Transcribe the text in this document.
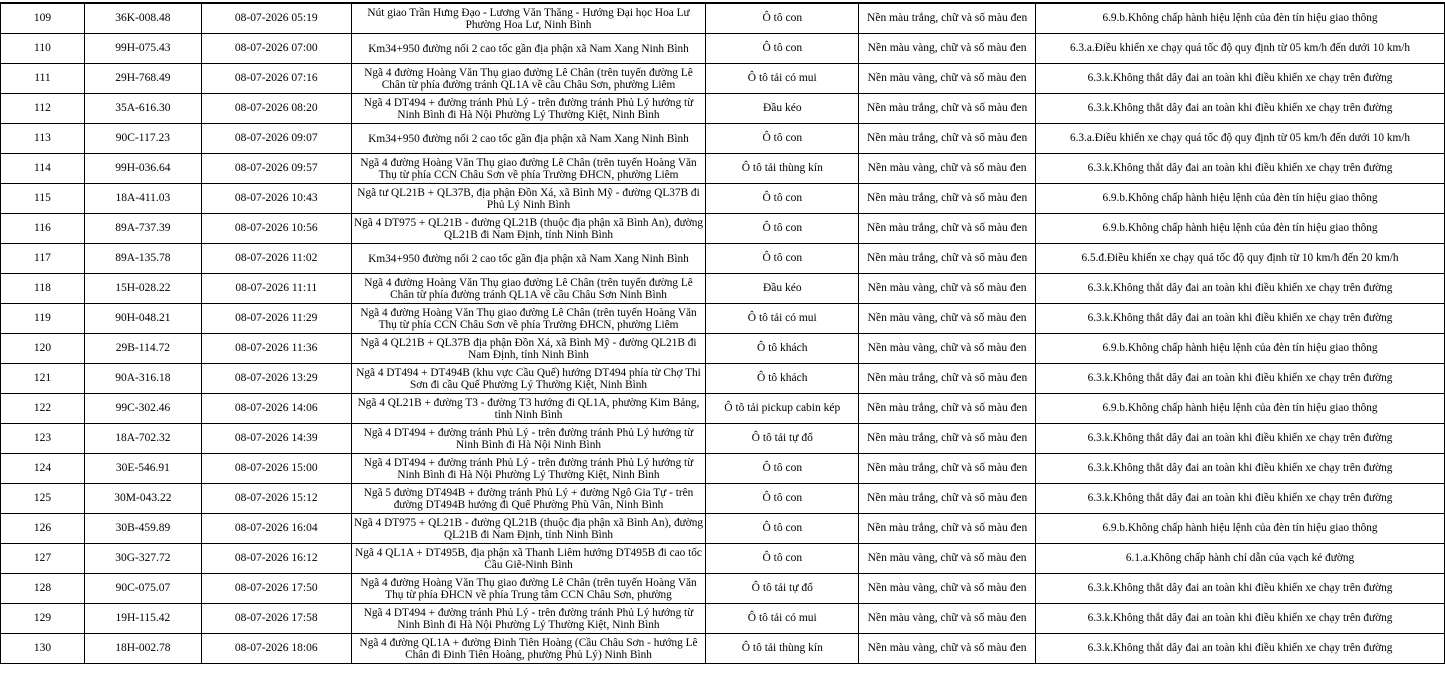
109	36K-008.48	08-07-2026 05:19	Nút giao Trần Hưng Đạo - Lương Văn Thăng - Hướng Đại học Hoa Lư Phường Hoa Lư, Ninh Bình	Ô tô con	Nền màu trắng, chữ và số màu đen	6.9.b.Không chấp hành hiệu lệnh của đèn tín hiệu giao thông
110	99H-075.43	08-07-2026 07:00	Km34+950 đường nối 2 cao tốc gần địa phận xã Nam Xang Ninh Bình	Ô tô con	Nền màu vàng, chữ và số màu đen	6.3.a.Điều khiển xe chạy quá tốc độ quy định từ 05 km/h đến dưới 10 km/h
111	29H-768.49	08-07-2026 07:16	Ngã 4 đường Hoàng Văn Thụ giao đường Lê Chân (trên tuyến đường Lê Chân từ phía đường tránh QL1A về cầu Châu Sơn, phường Liêm	Ô tô tải có mui	Nền màu vàng, chữ và số màu đen	6.3.k.Không thắt dây đai an toàn khi điều khiển xe chạy trên đường
112	35A-616.30	08-07-2026 08:20	Ngã 4 DT494 + đường tránh Phủ Lý - trên đường tránh Phủ Lý hướng từ Ninh Bình đi Hà Nội Phường Lý Thường Kiệt, Ninh Bình	Đầu kéo	Nền màu trắng, chữ và số màu đen	6.3.k.Không thắt dây đai an toàn khi điều khiển xe chạy trên đường
113	90C-117.23	08-07-2026 09:07	Km34+950 đường nối 2 cao tốc gần địa phận xã Nam Xang Ninh Bình	Ô tô con	Nền màu trắng, chữ và số màu đen	6.3.a.Điều khiển xe chạy quá tốc độ quy định từ 05 km/h đến dưới 10 km/h
114	99H-036.64	08-07-2026 09:57	Ngã 4 đường Hoàng Văn Thụ giao đường Lê Chân (trên tuyến Hoàng Văn Thụ từ phía CCN Châu Sơn về phía Trường ĐHCN, phường Liêm	Ô tô tải thùng kín	Nền màu vàng, chữ và số màu đen	6.3.k.Không thắt dây đai an toàn khi điều khiển xe chạy trên đường
115	18A-411.03	08-07-2026 10:43	Ngã tư QL21B + QL37B, địa phận Đồn Xá, xã Bình Mỹ - đường QL37B đi Phủ Lý Ninh Bình	Ô tô con	Nền màu trắng, chữ và số màu đen	6.9.b.Không chấp hành hiệu lệnh của đèn tín hiệu giao thông
116	89A-737.39	08-07-2026 10:56	Ngã 4 DT975 + QL21B - đường QL21B (thuộc địa phận xã Bình An), đường QL21B đi Nam Định, tỉnh Ninh Bình	Ô tô con	Nền màu trắng, chữ và số màu đen	6.9.b.Không chấp hành hiệu lệnh của đèn tín hiệu giao thông
117	89A-135.78	08-07-2026 11:02	Km34+950 đường nối 2 cao tốc gần địa phận xã Nam Xang Ninh Bình	Ô tô con	Nền màu trắng, chữ và số màu đen	6.5.đ.Điều khiển xe chạy quá tốc độ quy định từ 10 km/h đến 20 km/h
118	15H-028.22	08-07-2026 11:11	Ngã 4 đường Hoàng Văn Thụ giao đường Lê Chân (trên tuyến đường Lê Chân từ phía đường tránh QL1A về cầu Châu Sơn Ninh Bình	Đầu kéo	Nền màu vàng, chữ và số màu đen	6.3.k.Không thắt dây đai an toàn khi điều khiển xe chạy trên đường
119	90H-048.21	08-07-2026 11:29	Ngã 4 đường Hoàng Văn Thụ giao đường Lê Chân (trên tuyến Hoàng Văn Thụ từ phía CCN Châu Sơn về phía Trường ĐHCN, phường Liêm	Ô tô tải có mui	Nền màu vàng, chữ và số màu đen	6.3.k.Không thắt dây đai an toàn khi điều khiển xe chạy trên đường
120	29B-114.72	08-07-2026 11:36	Ngã 4 QL21B + QL37B địa phận Đồn Xá, xã Bình Mỹ - đường QL21B đi Nam Định, tỉnh Ninh Bình	Ô tô khách	Nền màu vàng, chữ và số màu đen	6.9.b.Không chấp hành hiệu lệnh của đèn tín hiệu giao thông
121	90A-316.18	08-07-2026 13:29	Ngã 4 DT494 + DT494B (khu vực Cầu Quế) hướng DT494 phía từ Chợ Thi Sơn đi cầu Quế Phường Lý Thường Kiệt, Ninh Bình	Ô tô khách	Nền màu trắng, chữ và số màu đen	6.3.k.Không thắt dây đai an toàn khi điều khiển xe chạy trên đường
122	99C-302.46	08-07-2026 14:06	Ngã 4 QL21B + đường T3 - đường T3 hướng đi QL1A, phường Kim Bảng, tỉnh Ninh Bình	Ô tô tải pickup cabin kép	Nền màu trắng, chữ và số màu đen	6.9.b.Không chấp hành hiệu lệnh của đèn tín hiệu giao thông
123	18A-702.32	08-07-2026 14:39	Ngã 4 DT494 + đường tránh Phủ Lý - trên đường tránh Phủ Lý hướng từ Ninh Bình đi Hà Nội Ninh Bình	Ô tô tải tự đổ	Nền màu trắng, chữ và số màu đen	6.3.k.Không thắt dây đai an toàn khi điều khiển xe chạy trên đường
124	30E-546.91	08-07-2026 15:00	Ngã 4 DT494 + đường tránh Phủ Lý - trên đường tránh Phủ Lý hướng từ Ninh Bình đi Hà Nội Phường Lý Thường Kiệt, Ninh Bình	Ô tô con	Nền màu trắng, chữ và số màu đen	6.3.k.Không thắt dây đai an toàn khi điều khiển xe chạy trên đường
125	30M-043.22	08-07-2026 15:12	Ngã 5 đường DT494B + đường tránh Phủ Lý + đường Ngô Gia Tự - trên đường DT494B hướng đi Quế Phường Phù Vân, Ninh Bình	Ô tô con	Nền màu trắng, chữ và số màu đen	6.3.k.Không thắt dây đai an toàn khi điều khiển xe chạy trên đường
126	30B-459.89	08-07-2026 16:04	Ngã 4 DT975 + QL21B - đường QL21B (thuộc địa phận xã Bình An), đường QL21B đi Nam Định, tỉnh Ninh Bình	Ô tô con	Nền màu trắng, chữ và số màu đen	6.9.b.Không chấp hành hiệu lệnh của đèn tín hiệu giao thông
127	30G-327.72	08-07-2026 16:12	Ngã 4 QL1A + DT495B, địa phận xã Thanh Liêm hướng DT495B đi cao tốc Cầu Giẽ-Ninh Bình	Ô tô con	Nền màu vàng, chữ và số màu đen	6.1.a.Không chấp hành chỉ dẫn của vạch kẻ đường
128	90C-075.07	08-07-2026 17:50	Ngã 4 đường Hoàng Văn Thụ giao đường Lê Chân (trên tuyến Hoàng Văn Thụ từ phía ĐHCN về phía Trung tâm CCN Châu Sơn, phường	Ô tô tải tự đổ	Nền màu vàng, chữ và số màu đen	6.3.k.Không thắt dây đai an toàn khi điều khiển xe chạy trên đường
129	19H-115.42	08-07-2026 17:58	Ngã 4 DT494 + đường tránh Phủ Lý - trên đường tránh Phủ Lý hướng từ Ninh Bình đi Hà Nội Phường Lý Thường Kiệt, Ninh Bình	Ô tô tải có mui	Nền màu vàng, chữ và số màu đen	6.3.k.Không thắt dây đai an toàn khi điều khiển xe chạy trên đường
130	18H-002.78	08-07-2026 18:06	Ngã 4 đường QL1A + đường Đinh Tiên Hoàng (Cầu Châu Sơn - hướng Lê Chân đi Đinh Tiên Hoàng, phường Phủ Lý) Ninh Bình	Ô tô tải thùng kín	Nền màu vàng, chữ và số màu đen	6.3.k.Không thắt dây đai an toàn khi điều khiển xe chạy trên đường
